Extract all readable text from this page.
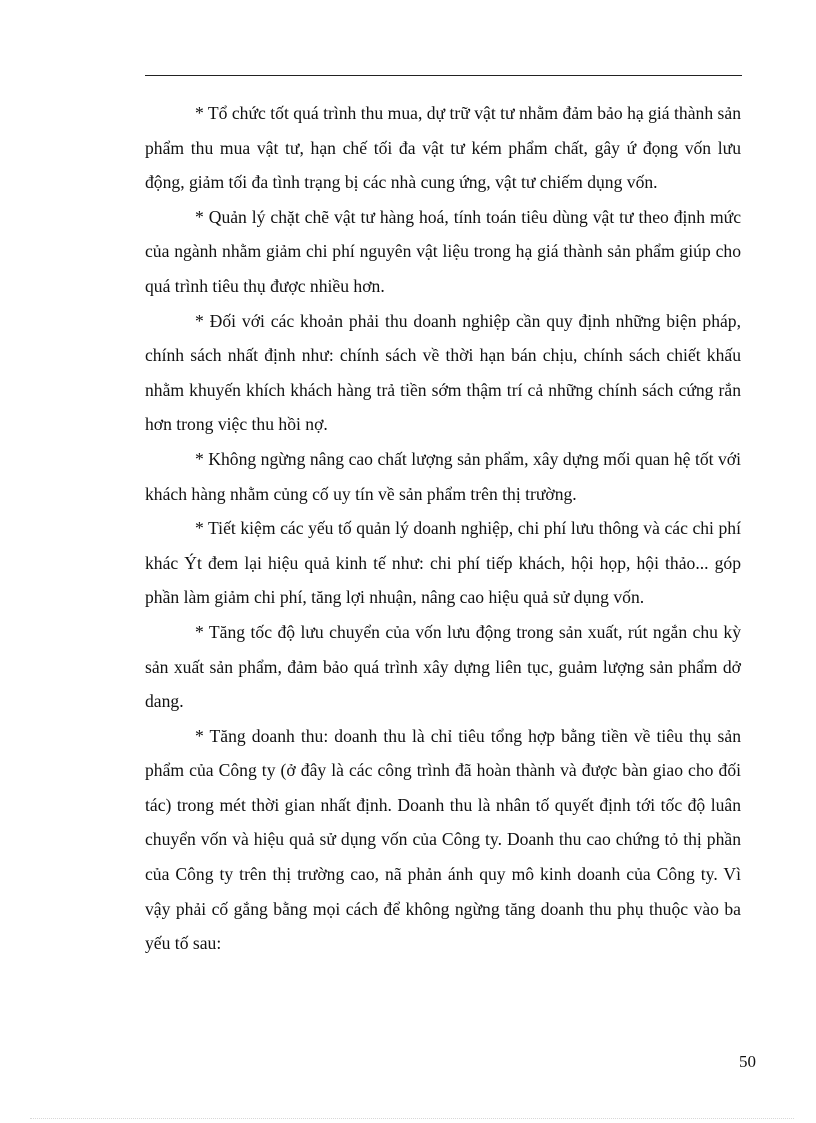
* Tổ chức tốt quá trình thu mua, dự trữ vật tư nhằm đảm bảo hạ giá thành sản phẩm thu mua vật tư, hạn chế tối đa vật tư kém phẩm chất, gây ứ đọng vốn lưu động, giảm tối đa tình trạng bị các nhà cung ứng, vật tư chiếm dụng vốn.

* Quản lý chặt chẽ vật tư hàng hoá, tính toán tiêu dùng vật tư theo định mức của ngành nhằm giảm chi phí nguyên vật liệu trong hạ giá thành sản phẩm giúp cho quá trình tiêu thụ được nhiều hơn.

* Đối với các khoản phải thu doanh nghiệp cần quy định những biện pháp, chính sách nhất định như: chính sách về thời hạn bán chịu, chính sách chiết khấu nhằm khuyến khích khách hàng trả tiền sớm thậm trí cả những chính sách cứng rắn hơn trong việc thu hồi nợ.

* Không ngừng nâng cao chất lượng sản phẩm, xây dựng mối quan hệ tốt với khách hàng nhằm củng cố uy tín về sản phẩm trên thị trường.

* Tiết kiệm các yếu tố quản lý doanh nghiệp, chi phí lưu thông và các chi phí khác Ýt đem lại hiệu quả kinh tế như: chi phí tiếp khách, hội họp, hội thảo... góp phần làm giảm chi phí, tăng lợi nhuận, nâng cao hiệu quả sử dụng vốn.

* Tăng tốc độ lưu chuyển của vốn lưu động trong sản xuất, rút ngắn chu kỳ sản xuất sản phẩm, đảm bảo quá trình xây dựng liên tục, guảm lượng sản phẩm dở dang.

* Tăng doanh thu: doanh thu là chỉ tiêu tổng hợp bằng tiền về tiêu thụ sản phẩm của Công ty (ở đây là các công trình đã hoàn thành và được bàn giao cho đối tác) trong mét thời gian nhất định. Doanh thu là nhân tố quyết định tới tốc độ luân chuyển vốn và hiệu quả sử dụng vốn của Công ty. Doanh thu cao chứng tỏ thị phần của Công ty trên thị trường cao, nã phản ánh quy mô kinh doanh của Công ty. Vì vậy phải cố gắng bằng mọi cách để không ngừng tăng doanh thu phụ thuộc vào ba yếu tố sau:

50
